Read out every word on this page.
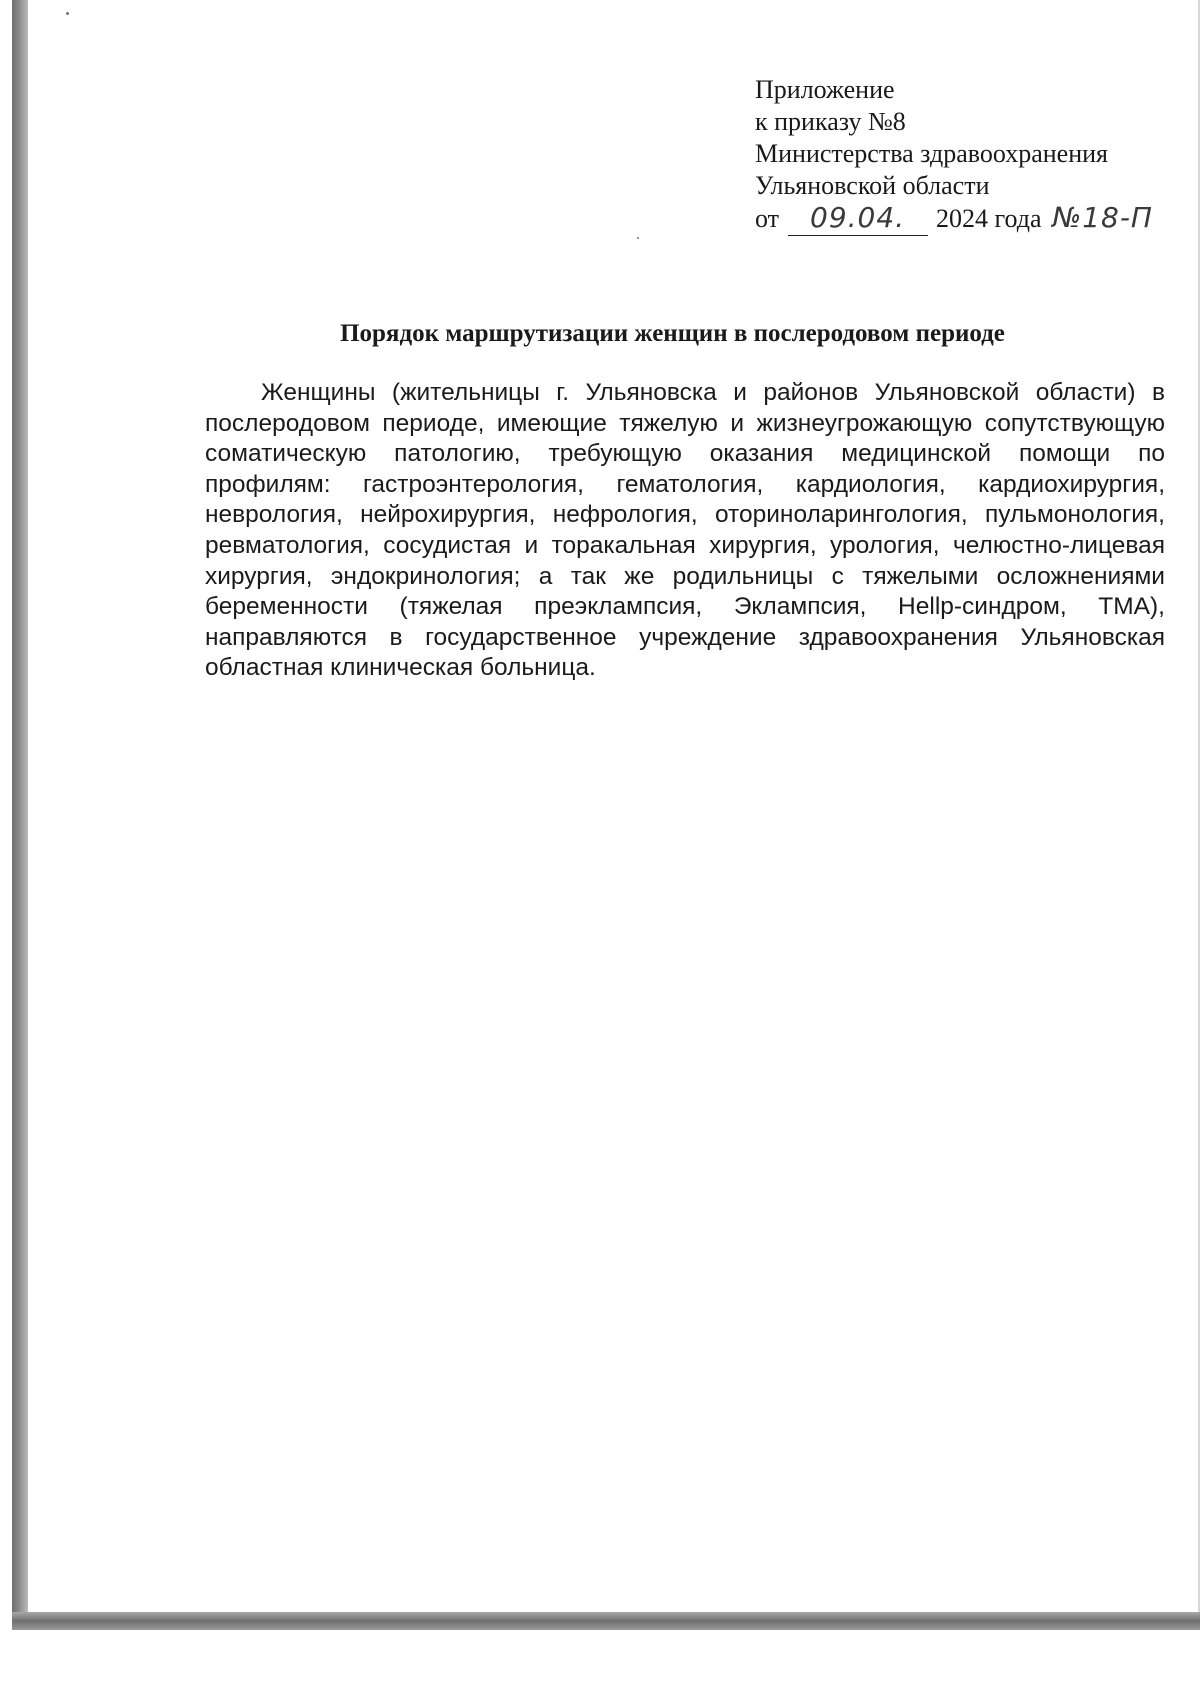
Приложение
к приказу №8
Министерства здравоохранения
Ульяновской области
от 09.04. 2024 года №18-П
Порядок маршрутизации женщин в послеродовом периоде

Женщины (жительницы г. Ульяновска и районов Ульяновской области) в послеродовом периоде, имеющие тяжелую и жизнеугрожающую сопутствующую соматическую патологию, требующую оказания медицинской помощи по профилям: гастроэнтерология, гематология, кардиология, кардиохирургия, неврология, нейрохирургия, нефрология, оториноларингология, пульмонология, ревматология, сосудистая и торакальная хирургия, урология, челюстно-лицевая хирургия, эндокринология; а так же родильницы с тяжелыми осложнениями беременности (тяжелая преэклампсия, Эклампсия, Hellp-синдром, ТМА), направляются в государственное учреждение здравоохранения Ульяновская областная клиническая больница.
